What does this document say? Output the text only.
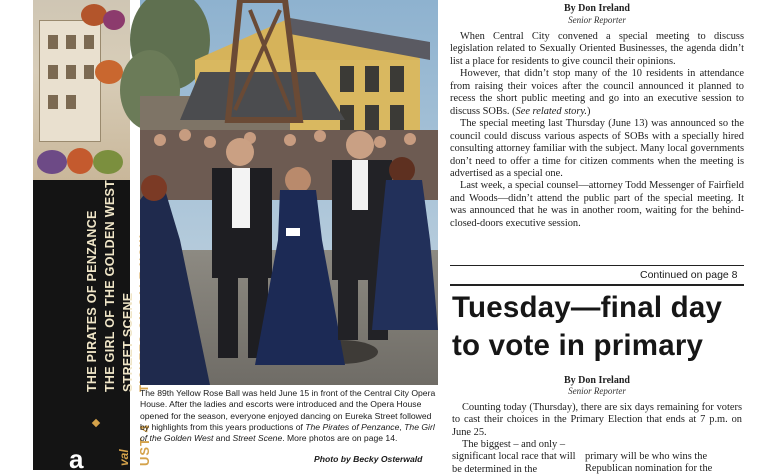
THE PIRATES OF PENZANCE THE GIRL OF THE GOLDEN WEST STREET SCENE
val UST 4
a

The 89th Yellow Rose Ball was held June 15 in front of the Central City Opera House. After the ladies and escorts were introduced and the Opera House opened for the season, everyone enjoyed dancing on Eureka Street followed by highlights from this years productions of The Pirates of Penzance, The Girl of the Golden West and Street Scene. More photos are on page 14.

Photo by Becky Osterwald
By Don Ireland
Senior Reporter

When Central City convened a special meeting to discuss legislation related to Sexually Oriented Businesses, the agenda didn’t list a place for residents to give council their opinions.

However, that didn’t stop many of the 10 residents in attendance from raising their voices after the council announced it planned to recess the short public meeting and go into an executive session to discuss SOBs. (See related story.)

The special meeting last Thursday (June 13) was announced so the council could discuss various aspects of SOBs with a specially hired consulting attorney familiar with the subject. Many local governments don’t need to offer a time for citizen comments when the meeting is advertised as a special one.

Last week, a special counsel—attorney Todd Messenger of Fairfield and Woods—didn’t attend the public part of the special meeting. It was announced that he was in another room, waiting for the behind-closed-doors executive session.

Continued on page 8
Tuesday—final day to vote in primary
By Don Ireland
Senior Reporter

Counting today (Thursday), there are six days remaining for voters to cast their choices in the Primary Election that ends at 7 p.m. on June 25.

The biggest – and only – significant local race that will be determined in the

primary will be who wins the Republican nomination for the
